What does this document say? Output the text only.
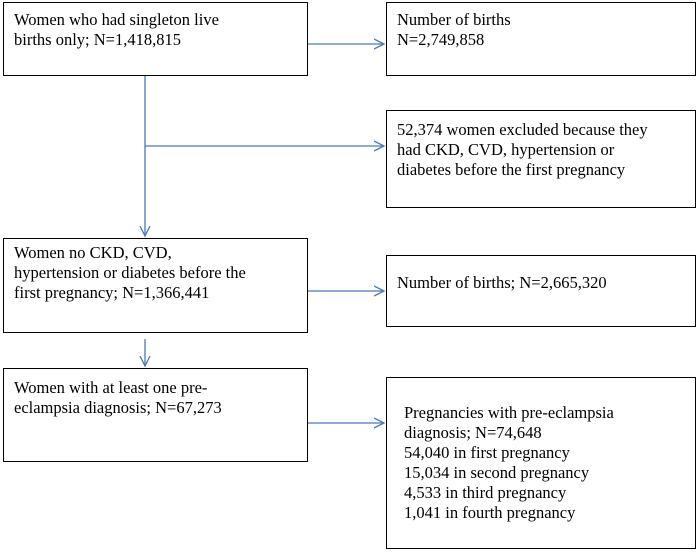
Women who had singleton live
births only; N=1,418,815
Number of births
N=2,749,858
52,374 women excluded because they
had CKD, CVD, hypertension or
diabetes before the first pregnancy
Women no CKD, CVD,
hypertension or diabetes before the
first pregnancy; N=1,366,441
Number of births; N=2,665,320
Women with at least one pre-
eclampsia diagnosis; N=67,273	Pregnancies with pre-eclampsia
diagnosis; N=74,648
54,040 in first pregnancy
15,034 in second pregnancy
4,533 in third pregnancy
1,041 in fourth pregnancy
